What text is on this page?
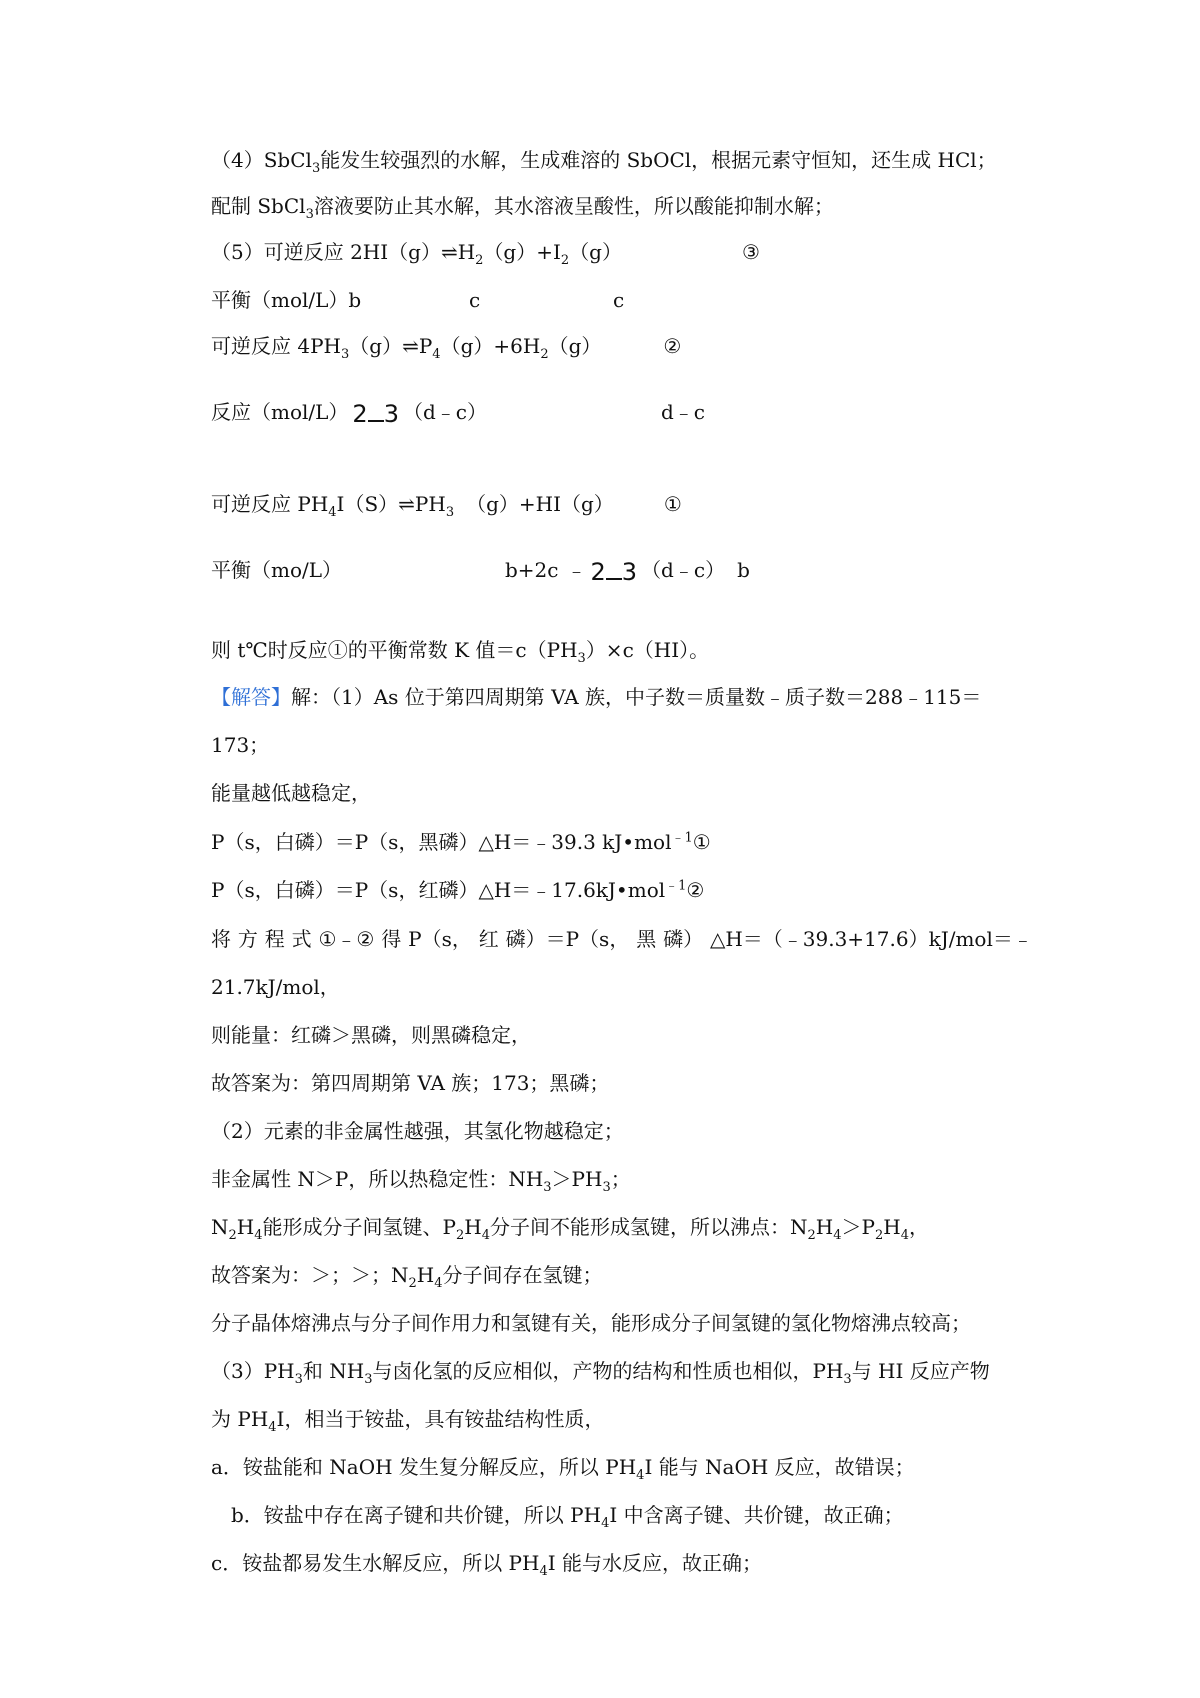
（4）SbCl$_3$能发生较强烈的水解，生成难溶的 SbOCl，根据元素守恒知，还生成 HCl；
配制 SbCl$_3$溶液要防止其水解，其水溶液呈酸性，所以酸能抑制水解；
（5）可逆反应 $2HI(g)\rightleftharpoons H_2(g)+I_2(g)$	③
平衡（mol/L）b	c	c
可逆反应 $4PH_3(g)\rightleftharpoons P_4(g)+6H_2(g)$	②
反应（mol/L） 2 3 （d﹣c）	d﹣c
可逆反应 $PH_4I(S)\rightleftharpoons PH_3$ （g）+HI（g）	①
平衡（mo/L）	b+2c ﹣ 2 3 （d﹣c） b
则 t℃时反应①的平衡常数 K 值$=c(PH_3)\times c(HI)$。
【解答】解：（1）As 位于第四周期第 VA 族，中子数＝质量数﹣质子数＝288﹣115＝
173；
能量越低越稳定，
P（s，白磷）＝P（s，黑磷）△H＝﹣39.3 kJ•mol$^{﹣1}$①
P（s，白磷）＝P（s，红磷）△H＝﹣17.6kJ•mol$^{﹣1}$②
将 方 程 式 ①﹣② 得 P（s， 红 磷）＝P（s， 黑 磷） △H＝（﹣39.3+17.6）kJ/mol＝﹣
21.7kJ/mol，
则能量：红磷＞黑磷，则黑磷稳定，
故答案为：第四周期第 VA 族；173；黑磷；
（2）元素的非金属性越强，其氢化物越稳定；
非金属性 N＞P，所以热稳定性：$NH_3>PH_3$；
$N_2H_4$能形成分子间氢键、$P_2H_4$分子间不能形成氢键，所以沸点：$N_2H_4>P_2H_4$，
故答案为：＞；＞；$N_2H_4$分子间存在氢键；
分子晶体熔沸点与分子间作用力和氢键有关，能形成分子间氢键的氢化物熔沸点较高；
$(3)PH_3$和 $NH_3$与卤化氢的反应相似，产物的结构和性质也相似，$PH_3$与 HI 反应产物
为 $PH_4I$，相当于铵盐，具有铵盐结构性质，
a．铵盐能和 NaOH 发生复分解反应，所以 $PH_4I$ 能与 NaOH 反应，故错误；
b．铵盐中存在离子键和共价键，所以 $PH_4I$ 中含离子键、共价键，故正确；
c．铵盐都易发生水解反应，所以 $PH_4I$ 能与水反应，故正确；
